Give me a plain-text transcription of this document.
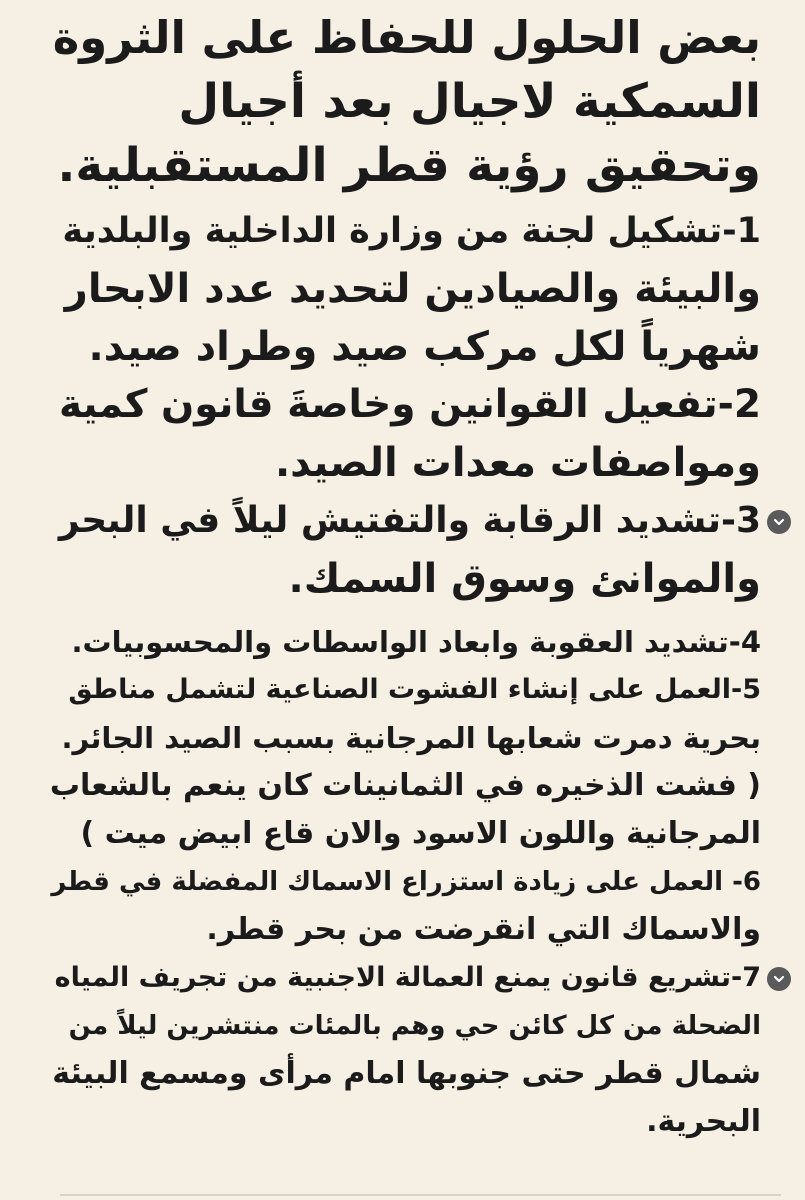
بعض الحلول للحفاظ على الثروة
السمكية لاجيال بعد أجيال
وتحقيق رؤية قطر المستقبلية.
1-تشكيل لجنة من وزارة الداخلية والبلدية
والبيئة والصيادين لتحديد عدد الابحار
شهرياً لكل مركب صيد وطراد صيد.
2-تفعيل القوانين وخاصةَ قانون كمية
ومواصفات معدات الصيد.
3-تشديد الرقابة والتفتيش ليلاً في البحر
والموانئ وسوق السمك.
4-تشديد العقوبة وابعاد الواسطات والمحسوبيات.
5-العمل على إنشاء الفشوت الصناعية لتشمل مناطق
بحرية دمرت شعابها المرجانية بسبب الصيد الجائر.
( فشت الذخيره في الثمانينات كان ينعم بالشعاب
المرجانية واللون الاسود والان قاع ابيض ميت )
6- العمل على زيادة استزراع الاسماك المفضلة في قطر
والاسماك التي انقرضت من بحر قطر.
7-تشريع قانون يمنع العمالة الاجنبية من تجريف المياه
الضحلة من كل كائن حي وهم بالمئات منتشرين ليلاً من
شمال قطر حتى جنوبها امام مرأى ومسمع البيئة
البحرية.
